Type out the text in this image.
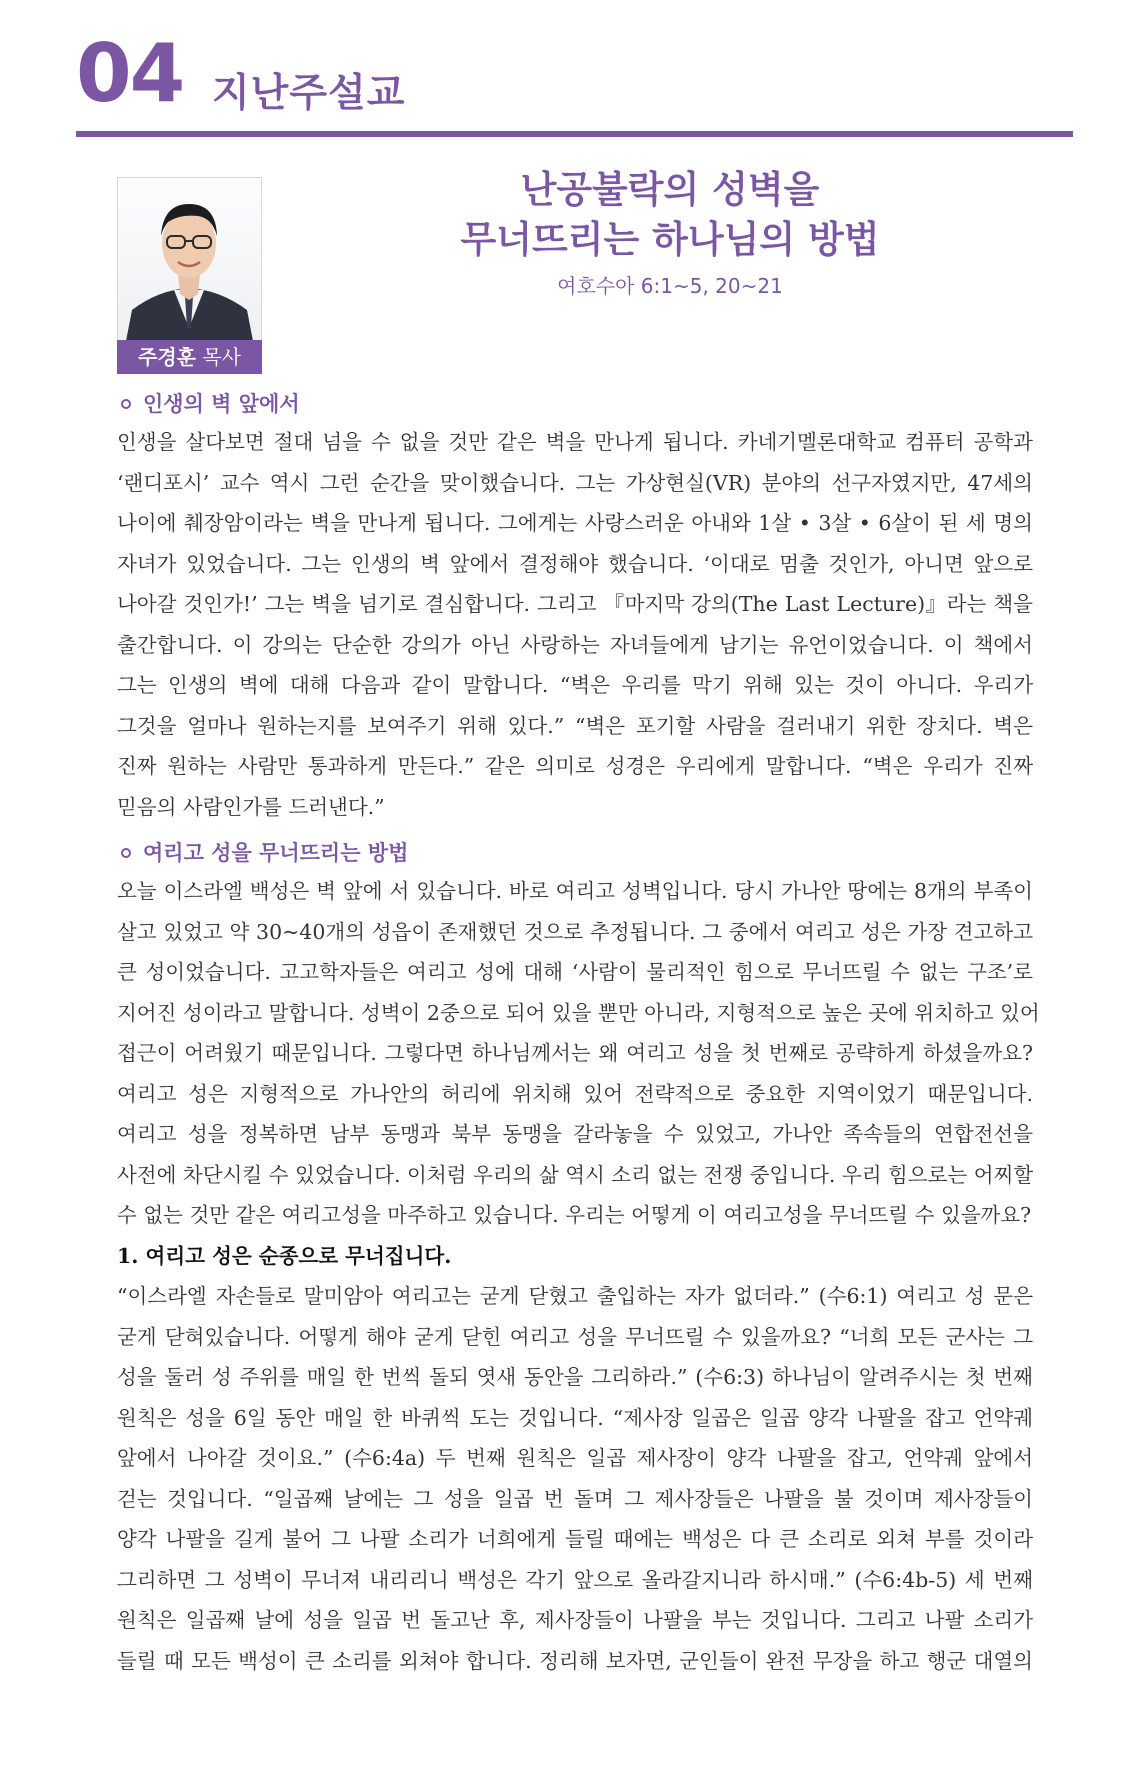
04 지난주설교
주경훈 목사
난공불락의 성벽을
무너뜨리는 하나님의 방법
여호수아 6:1~5, 20~21
인생의 벽 앞에서

인생을 살다보면 절대 넘을 수 없을 것만 같은 벽을 만나게 됩니다. 카네기멜론대학교 컴퓨터 공학과

‘랜디포시’ 교수 역시 그런 순간을 맞이했습니다. 그는 가상현실(VR) 분야의 선구자였지만, 47세의

나이에 췌장암이라는 벽을 만나게 됩니다. 그에게는 사랑스러운 아내와 1살 • 3살 • 6살이 된 세 명의

자녀가 있었습니다. 그는 인생의 벽 앞에서 결정해야 했습니다. ‘이대로 멈출 것인가, 아니면 앞으로

나아갈 것인가!’ 그는 벽을 넘기로 결심합니다. 그리고 『마지막 강의(The Last Lecture)』라는 책을

출간합니다. 이 강의는 단순한 강의가 아닌 사랑하는 자녀들에게 남기는 유언이었습니다. 이 책에서

그는 인생의 벽에 대해 다음과 같이 말합니다. “벽은 우리를 막기 위해 있는 것이 아니다. 우리가

그것을 얼마나 원하는지를 보여주기 위해 있다.” “벽은 포기할 사람을 걸러내기 위한 장치다. 벽은

진짜 원하는 사람만 통과하게 만든다.” 같은 의미로 성경은 우리에게 말합니다. “벽은 우리가 진짜

믿음의 사람인가를 드러낸다.”

여리고 성을 무너뜨리는 방법

오늘 이스라엘 백성은 벽 앞에 서 있습니다. 바로 여리고 성벽입니다. 당시 가나안 땅에는 8개의 부족이

살고 있었고 약 30~40개의 성읍이 존재했던 것으로 추정됩니다. 그 중에서 여리고 성은 가장 견고하고

큰 성이었습니다. 고고학자들은 여리고 성에 대해 ‘사람이 물리적인 힘으로 무너뜨릴 수 없는 구조’로

지어진 성이라고 말합니다. 성벽이 2중으로 되어 있을 뿐만 아니라, 지형적으로 높은 곳에 위치하고 있어

접근이 어려웠기 때문입니다. 그렇다면 하나님께서는 왜 여리고 성을 첫 번째로 공략하게 하셨을까요?

여리고 성은 지형적으로 가나안의 허리에 위치해 있어 전략적으로 중요한 지역이었기 때문입니다.

여리고 성을 정복하면 남부 동맹과 북부 동맹을 갈라놓을 수 있었고, 가나안 족속들의 연합전선을

사전에 차단시킬 수 있었습니다. 이처럼 우리의 삶 역시 소리 없는 전쟁 중입니다. 우리 힘으로는 어찌할

수 없는 것만 같은 여리고성을 마주하고 있습니다. 우리는 어떻게 이 여리고성을 무너뜨릴 수 있을까요?

1. 여리고 성은 순종으로 무너집니다.

“이스라엘 자손들로 말미암아 여리고는 굳게 닫혔고 출입하는 자가 없더라.” (수6:1) 여리고 성 문은

굳게 닫혀있습니다. 어떻게 해야 굳게 닫힌 여리고 성을 무너뜨릴 수 있을까요? “너희 모든 군사는 그

성을 둘러 성 주위를 매일 한 번씩 돌되 엿새 동안을 그리하라.” (수6:3) 하나님이 알려주시는 첫 번째

원칙은 성을 6일 동안 매일 한 바퀴씩 도는 것입니다. “제사장 일곱은 일곱 양각 나팔을 잡고 언약궤

앞에서 나아갈 것이요.” (수6:4a) 두 번째 원칙은 일곱 제사장이 양각 나팔을 잡고, 언약궤 앞에서

걷는 것입니다. “일곱째 날에는 그 성을 일곱 번 돌며 그 제사장들은 나팔을 불 것이며 제사장들이

양각 나팔을 길게 불어 그 나팔 소리가 너희에게 들릴 때에는 백성은 다 큰 소리로 외쳐 부를 것이라

그리하면 그 성벽이 무너져 내리리니 백성은 각기 앞으로 올라갈지니라 하시매.” (수6:4b-5) 세 번째

원칙은 일곱째 날에 성을 일곱 번 돌고난 후, 제사장들이 나팔을 부는 것입니다. 그리고 나팔 소리가

들릴 때 모든 백성이 큰 소리를 외쳐야 합니다. 정리해 보자면, 군인들이 완전 무장을 하고 행군 대열의
